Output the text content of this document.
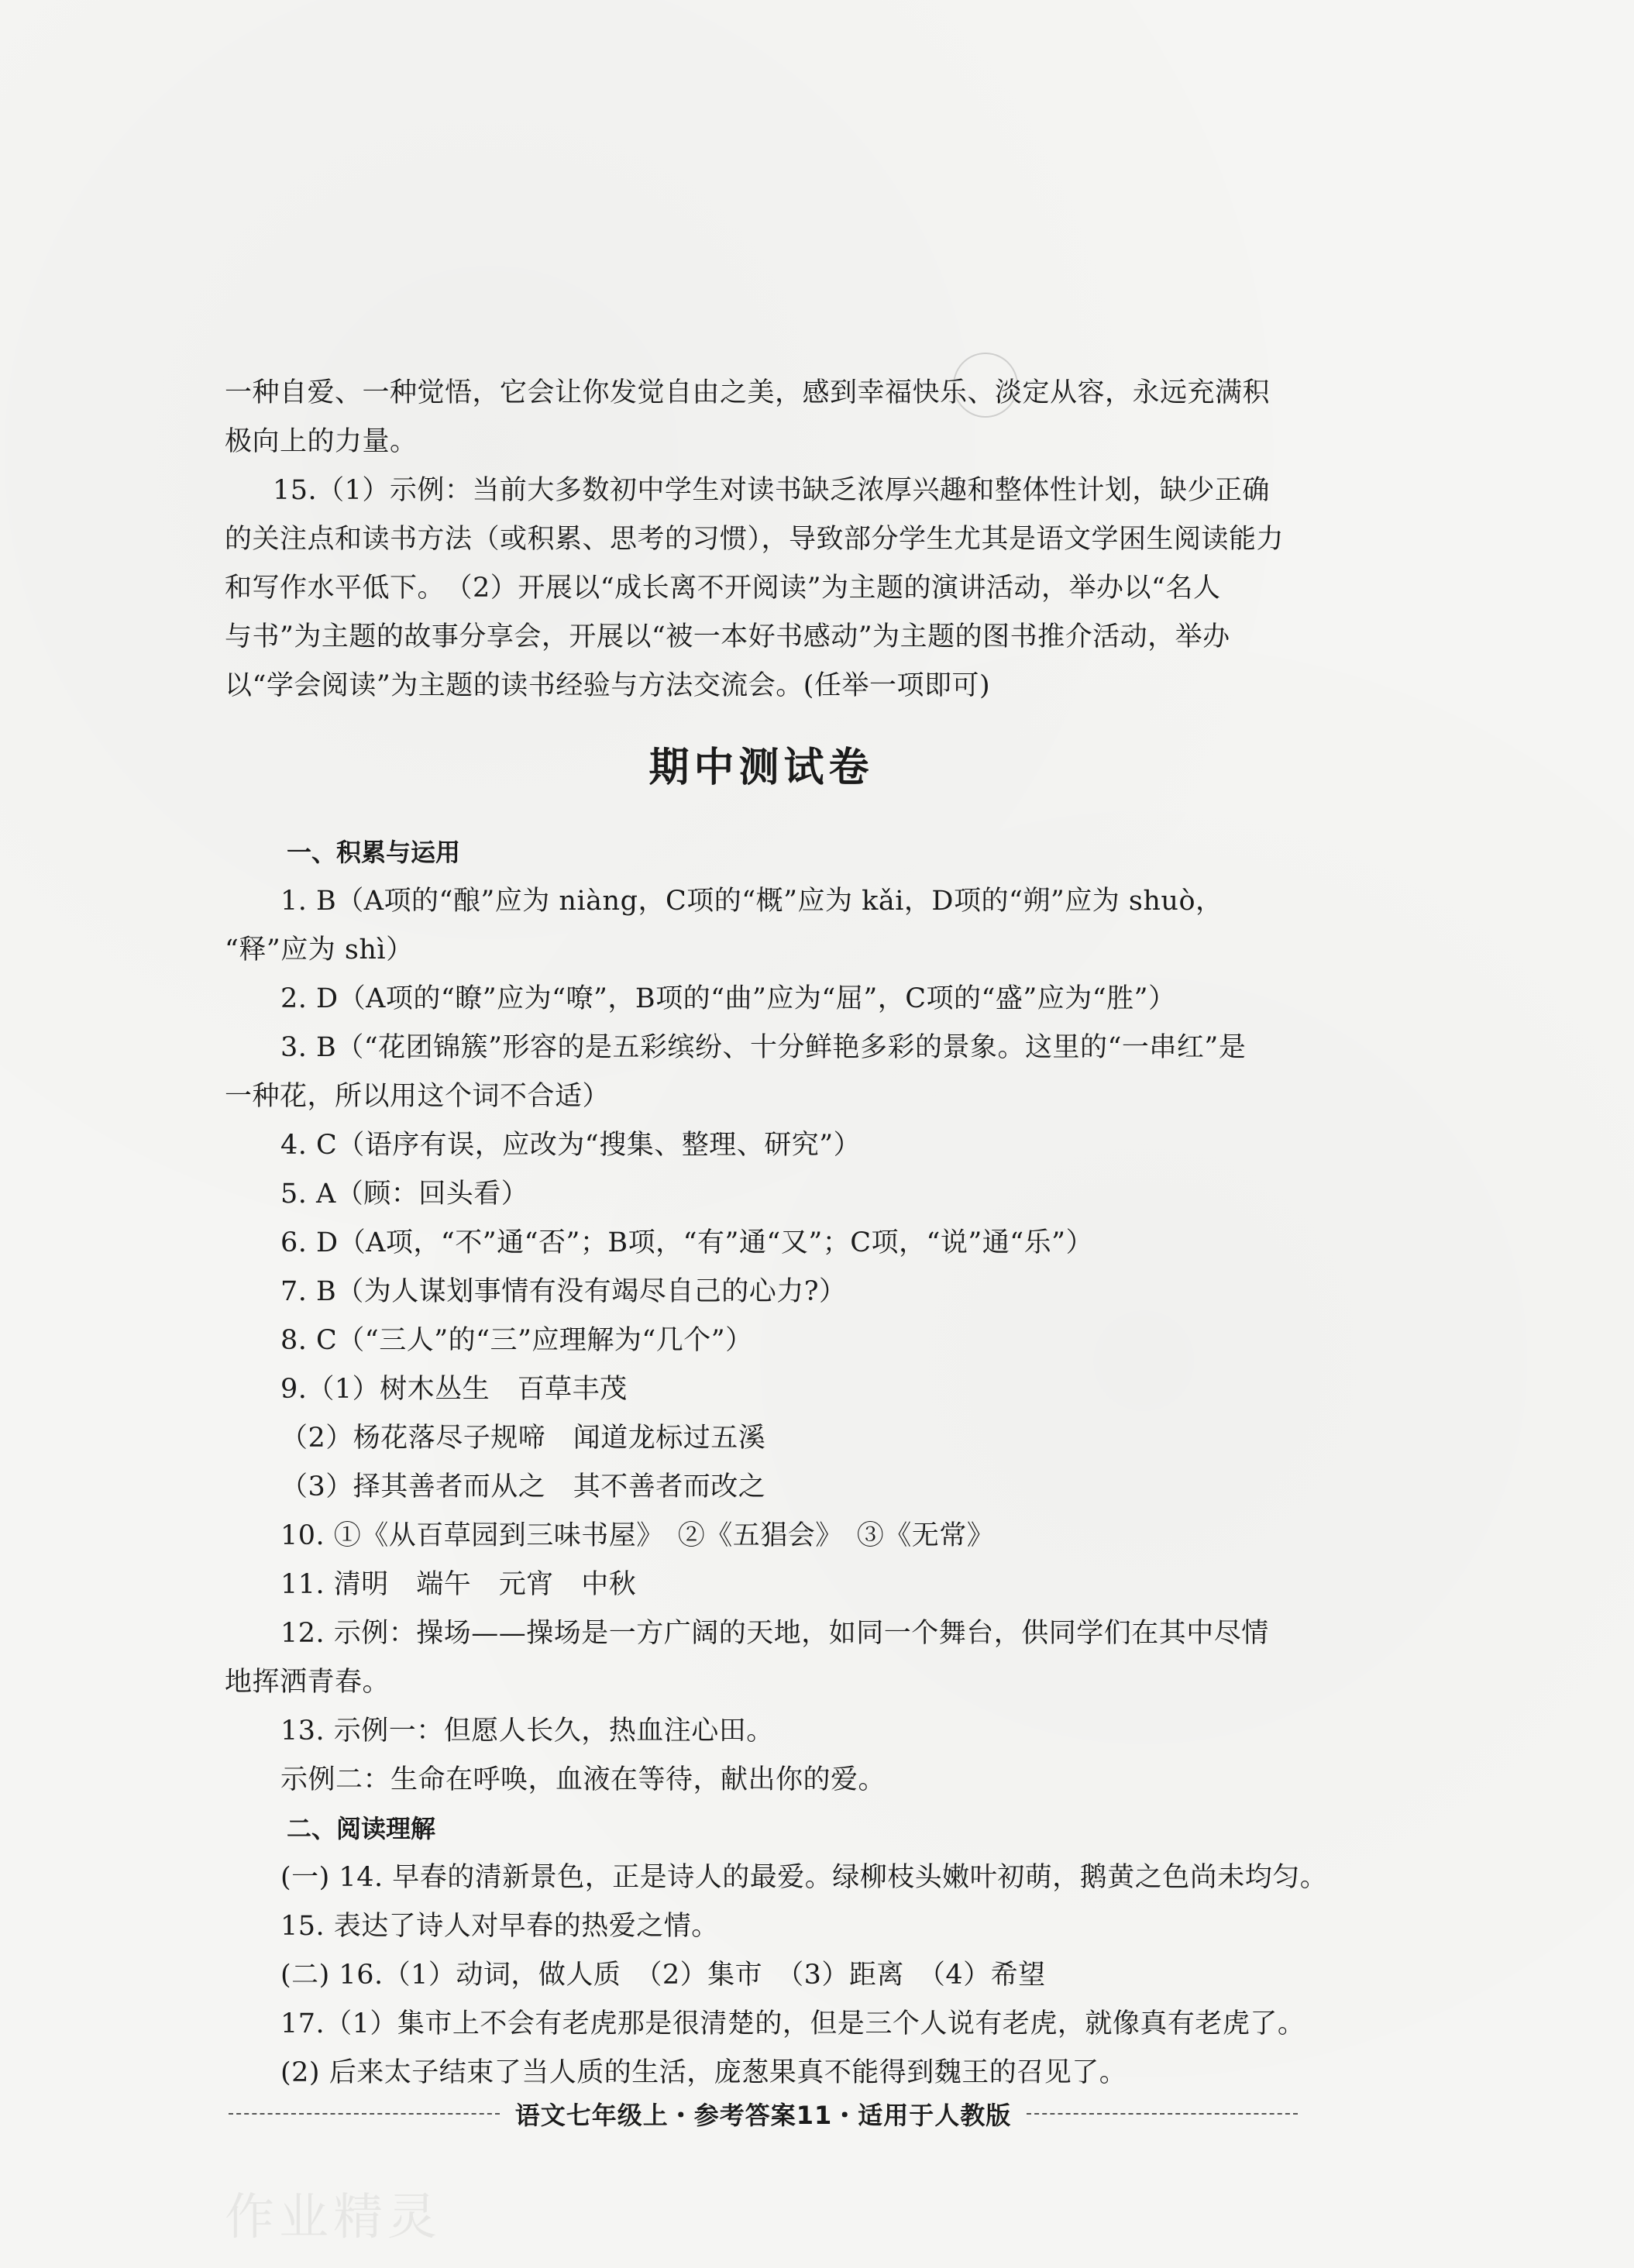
一种自爱、一种觉悟，它会让你发觉自由之美，感到幸福快乐、淡定从容，永远充满积
极向上的力量。
15.（1）示例：当前大多数初中学生对读书缺乏浓厚兴趣和整体性计划，缺少正确
的关注点和读书方法（或积累、思考的习惯），导致部分学生尤其是语文学困生阅读能力
和写作水平低下。　（2）开展以“成长离不开阅读”为主题的演讲活动，举办以“名人
与书”为主题的故事分享会，开展以“被一本好书感动”为主题的图书推介活动，举办
以“学会阅读”为主题的读书经验与方法交流会。(任举一项即可)
期中测试卷
一、积累与运用
1. B（A项的“酿”应为 niàng，C项的“概”应为 kǎi，D项的“朔”应为 shuò，
“释”应为 shì）
2. D（A项的“瞭”应为“嘹”，B项的“曲”应为“屈”，C项的“盛”应为“胜”）
3. B（“花团锦簇”形容的是五彩缤纷、十分鲜艳多彩的景象。这里的“一串红”是
一种花，所以用这个词不合适）
4. C（语序有误，应改为“搜集、整理、研究”）
5. A（顾：回头看）
6. D（A项，“不”通“否”；B项，“有”通“又”；C项，“说”通“乐”）
7. B（为人谋划事情有没有竭尽自己的心力?）
8. C（“三人”的“三”应理解为“几个”）
9.（1）树木丛生　百草丰茂
（2）杨花落尽子规啼　闻道龙标过五溪
（3）择其善者而从之　其不善者而改之
10. ①《从百草园到三味书屋》　②《五猖会》　③《无常》
11. 清明　端午　元宵　中秋
12. 示例：操场——操场是一方广阔的天地，如同一个舞台，供同学们在其中尽情
地挥洒青春。
13. 示例一：但愿人长久，热血注心田。
示例二：生命在呼唤，血液在等待，献出你的爱。
二、阅读理解
(一) 14. 早春的清新景色，正是诗人的最爱。绿柳枝头嫩叶初萌，鹅黄之色尚未均匀。
15. 表达了诗人对早春的热爱之情。
(二) 16.（1）动词，做人质　（2）集市　（3）距离　（4）希望
17.（1）集市上不会有老虎那是很清楚的，但是三个人说有老虎，就像真有老虎了。
(2) 后来太子结束了当人质的生活，庞葱果真不能得到魏王的召见了。
语文七年级上・参考答案11・适用于人教版
作业精灵
